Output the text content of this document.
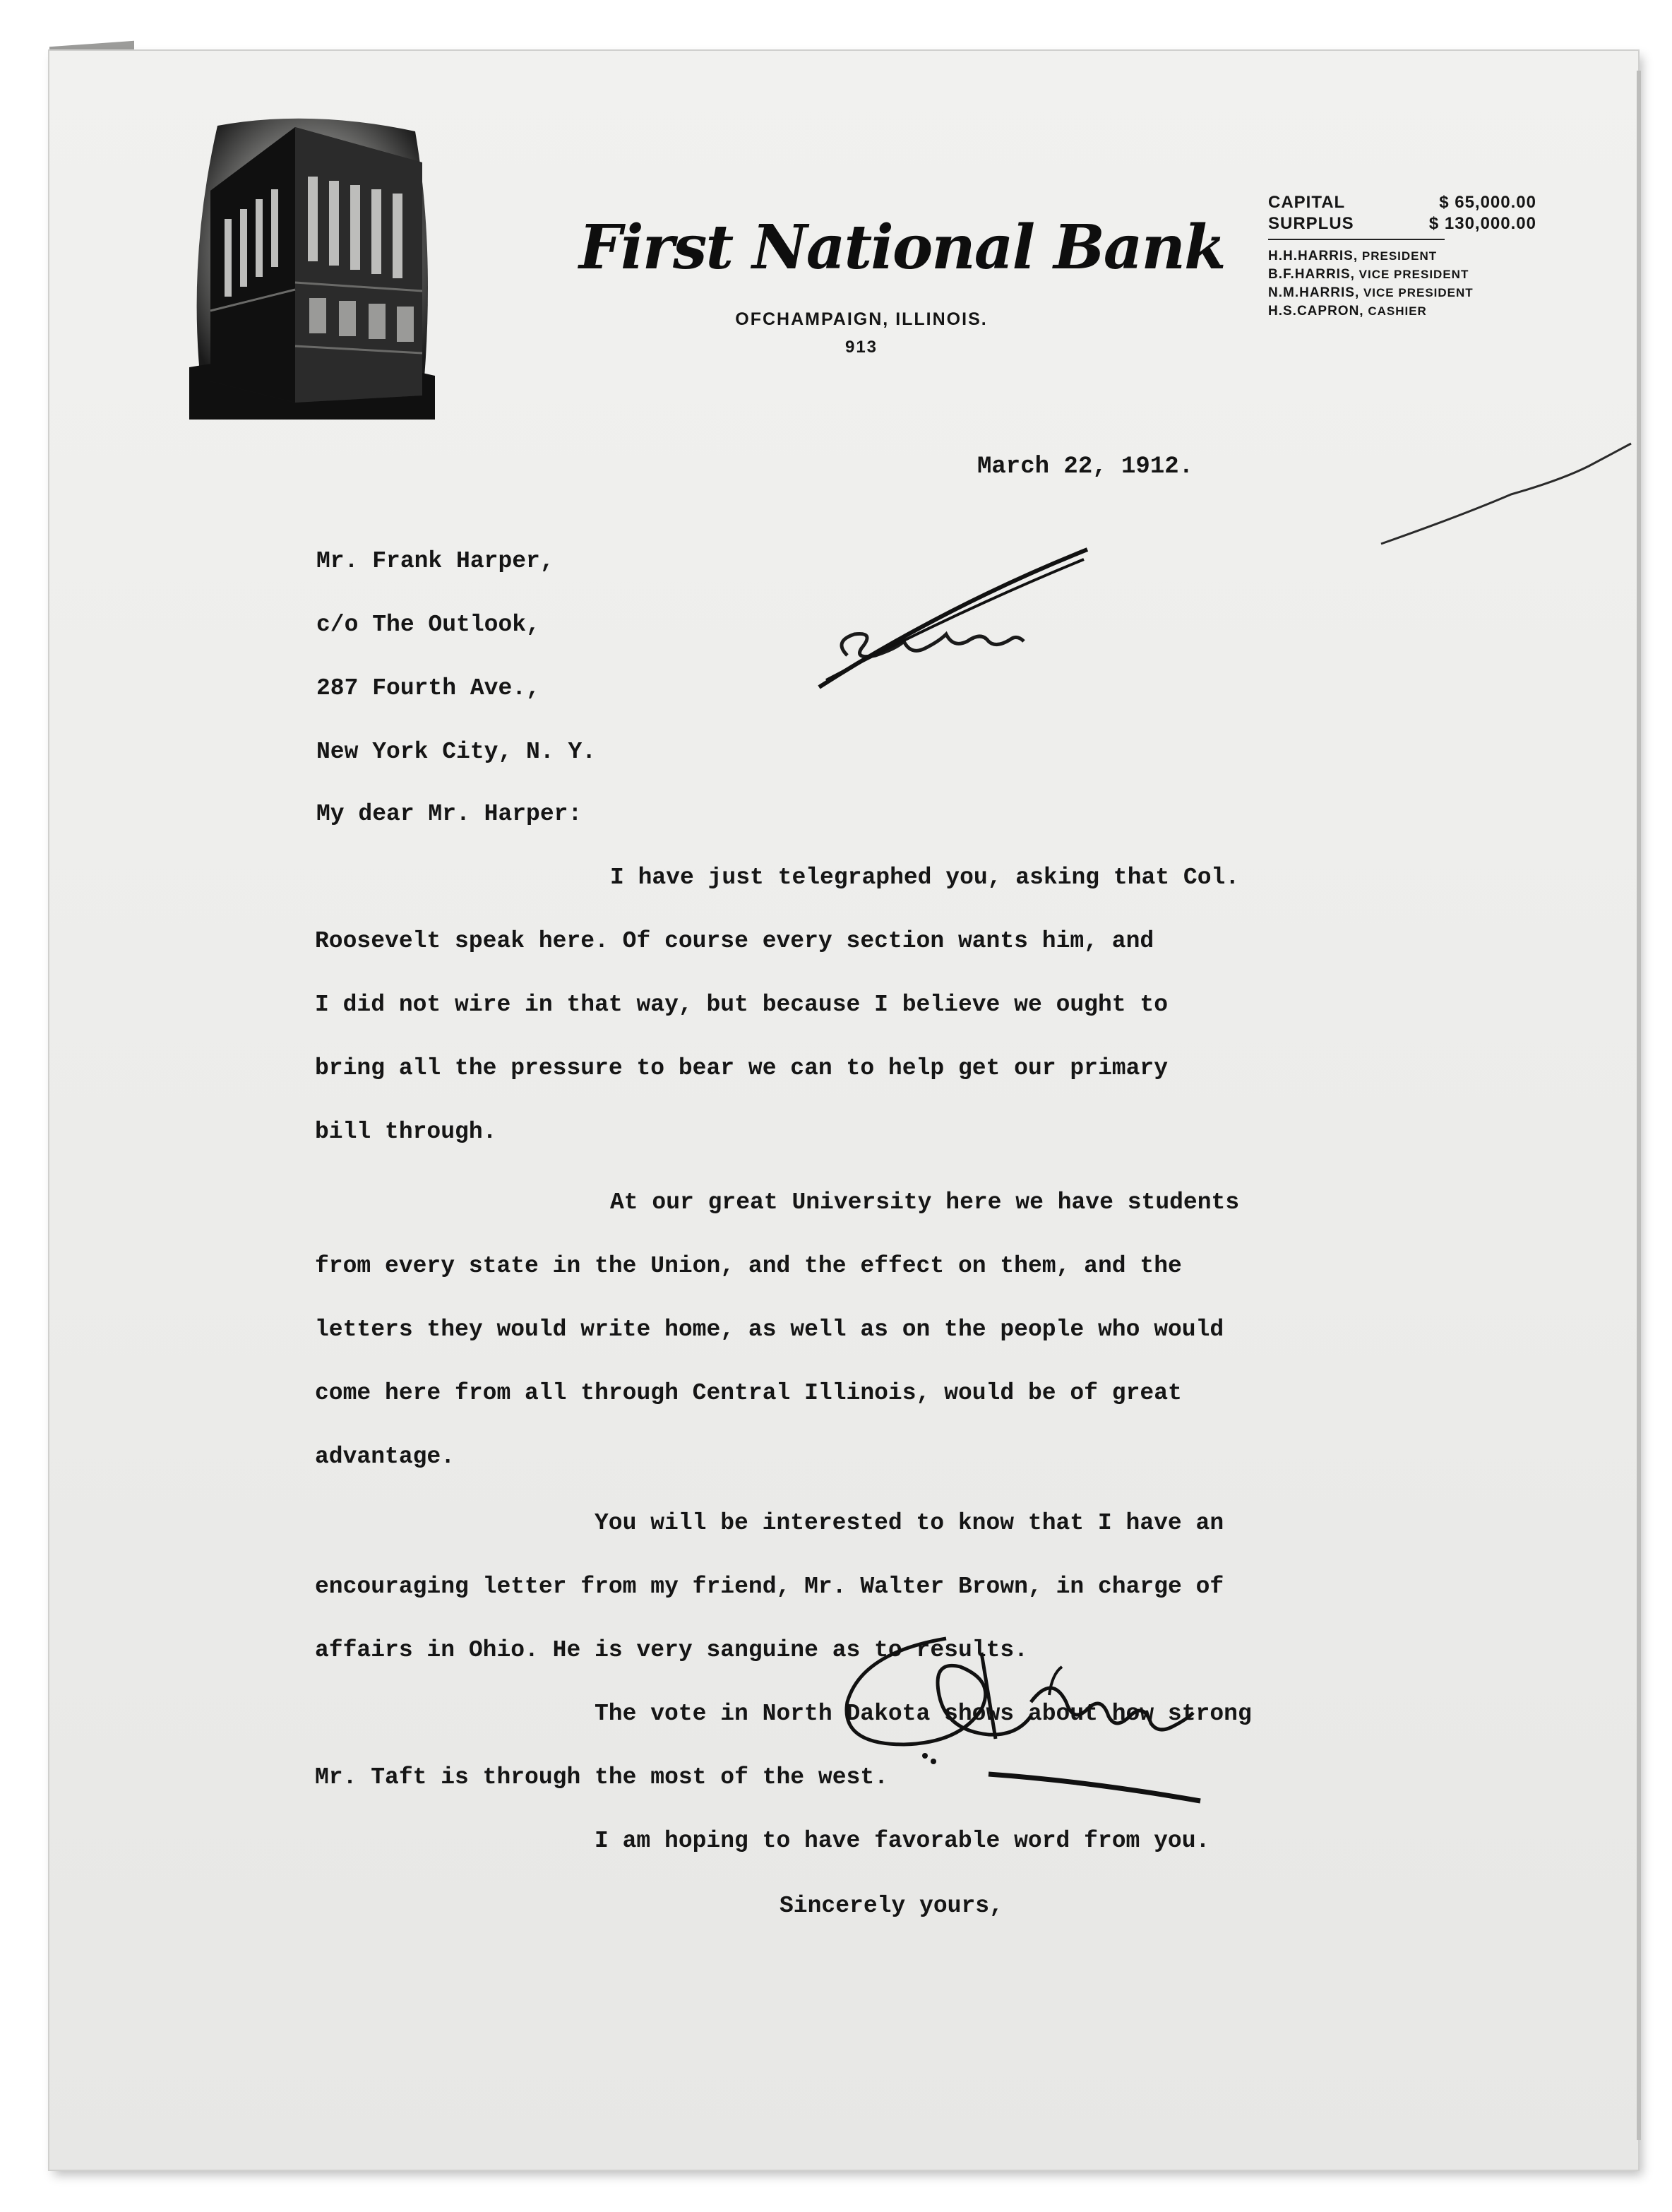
First National Bank
OFCHAMPAIGN, ILLINOIS.
913
CAPITAL	$ 65,000.00
SURPLUS	$ 130,000.00
H.H.HARRIS, PRESIDENT
B.F.HARRIS, VICE PRESIDENT
N.M.HARRIS, VICE PRESIDENT
H.S.CAPRON, CASHIER
March 22, 1912.
Mr. Frank Harper,
c/o The Outlook,
287 Fourth Ave.,
New York City, N. Y.
My dear Mr. Harper:
I have just telegraphed you, asking that Col.
Roosevelt speak here. Of course every section wants him, and
I did not wire in that way, but because I believe we ought to
bring all the pressure to bear we can to help get our primary
bill through.
At our great University here we have students
from every state in the Union, and the effect on them, and the
letters they would write home, as well as on the people who would
come here from all through Central Illinois, would be of great
advantage.
You will be interested to know that I have an
encouraging letter from my friend, Mr. Walter Brown, in charge of
affairs in Ohio. He is very sanguine as to results.
The vote in North Dakota shows about how strong
Mr. Taft is through the most of the west.
I am hoping to have favorable word from you.
Sincerely yours,
